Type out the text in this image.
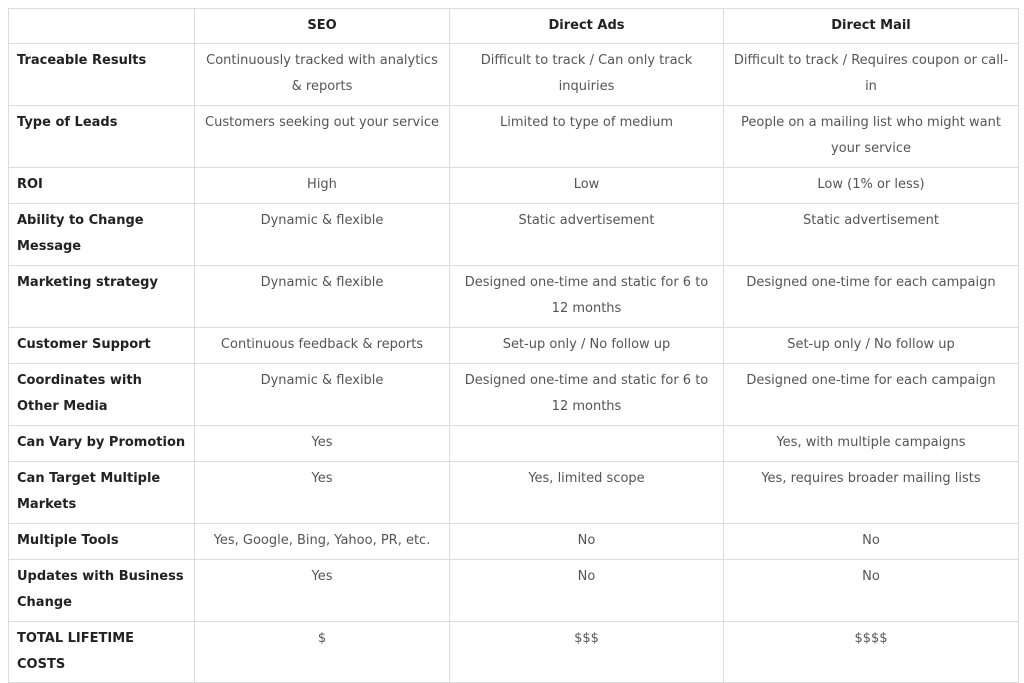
	SEO	Direct Ads	Direct Mail
Traceable Results	Continuously tracked with analytics & reports	Difficult to track / Can only track inquiries	Difficult to track / Requires coupon or call-in
Type of Leads	Customers seeking out your service	Limited to type of medium	People on a mailing list who might want your service
ROI	High	Low	Low (1% or less)
Ability to Change Message	Dynamic & flexible	Static advertisement	Static advertisement
Marketing strategy	Dynamic & flexible	Designed one-time and static for 6 to 12 months	Designed one-time for each campaign
Customer Support	Continuous feedback & reports	Set-up only / No follow up	Set-up only / No follow up
Coordinates with Other Media	Dynamic & flexible	Designed one-time and static for 6 to 12 months	Designed one-time for each campaign
Can Vary by Promotion	Yes		Yes, with multiple campaigns
Can Target Multiple Markets	Yes	Yes, limited scope	Yes, requires broader mailing lists
Multiple Tools	Yes, Google, Bing, Yahoo, PR, etc.	No	No
Updates with Business Change	Yes	No	No
TOTAL LIFETIME COSTS	$	$$$	$$$$
